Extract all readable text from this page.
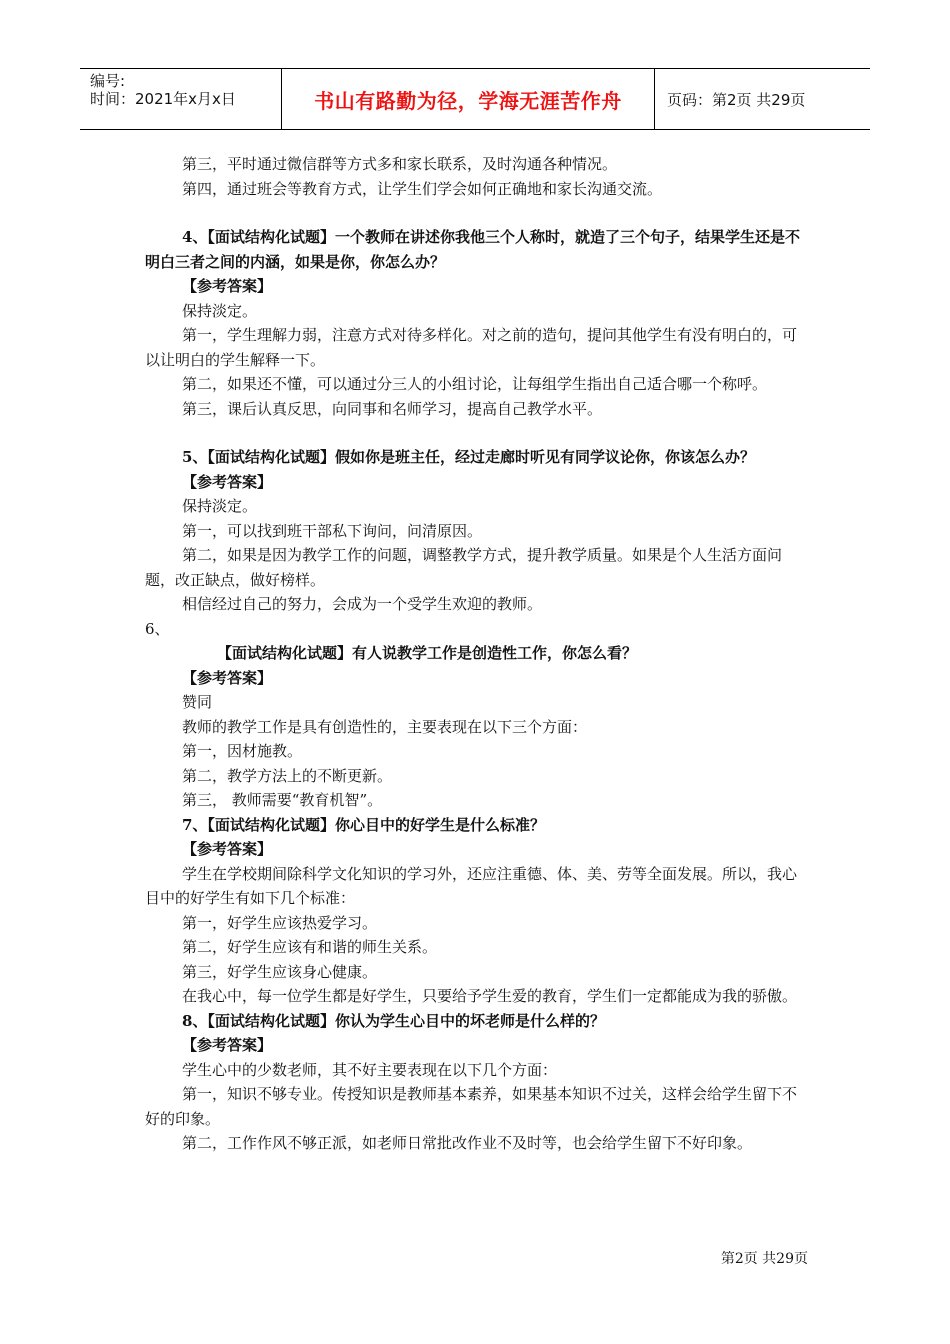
编号:
时间：2021年x月x日	书山有路勤为径，学海无涯苦作舟	页码：第2页 共29页

第三，平时通过微信群等方式多和家长联系，及时沟通各种情况。

第四，通过班会等教育方式，让学生们学会如何正确地和家长沟通交流。

4、【面试结构化试题】一个教师在讲述你我他三个人称时，就造了三个句子，结果学生还是不明白三者之间的内涵，如果是你，你怎么办？

【参考答案】

保持淡定。

第一，学生理解力弱，注意方式对待多样化。对之前的造句，提问其他学生有没有明白的，可以让明白的学生解释一下。

第二，如果还不懂，可以通过分三人的小组讨论，让每组学生指出自己适合哪一个称呼。

第三，课后认真反思，向同事和名师学习，提高自己教学水平。

5、【面试结构化试题】假如你是班主任，经过走廊时听见有同学议论你，你该怎么办？

【参考答案】

保持淡定。

第一，可以找到班干部私下询问，问清原因。

第二，如果是因为教学工作的问题，调整教学方式，提升教学质量。如果是个人生活方面问题，改正缺点，做好榜样。

相信经过自己的努力，会成为一个受学生欢迎的教师。

6、

【面试结构化试题】有人说教学工作是创造性工作，你怎么看？

【参考答案】

赞同

教师的教学工作是具有创造性的，主要表现在以下三个方面：

第一，因材施教。

第二，教学方法上的不断更新。

第三， 教师需要“教育机智”。

7、【面试结构化试题】你心目中的好学生是什么标准？

【参考答案】

学生在学校期间除科学文化知识的学习外，还应注重德、体、美、劳等全面发展。所以，我心目中的好学生有如下几个标准：

第一，好学生应该热爱学习。

第二，好学生应该有和谐的师生关系。

第三，好学生应该身心健康。

在我心中，每一位学生都是好学生，只要给予学生爱的教育，学生们一定都能成为我的骄傲。

8、【面试结构化试题】你认为学生心目中的坏老师是什么样的？

【参考答案】

学生心中的少数老师，其不好主要表现在以下几个方面：

第一，知识不够专业。传授知识是教师基本素养，如果基本知识不过关，这样会给学生留下不好的印象。

第二，工作作风不够正派，如老师日常批改作业不及时等，也会给学生留下不好印象。

第2页 共29页
